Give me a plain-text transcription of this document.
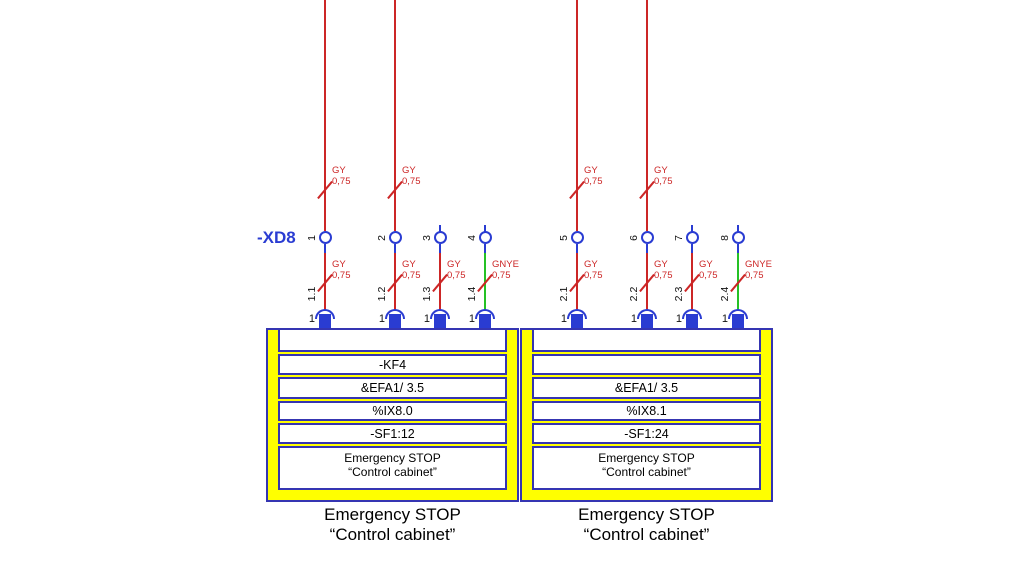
-XD8
GY
0,75
1
GY
0,75
1.1
1
GY
0,75
2
GY
0,75
1.2
1
3
GY
0,75
1.3
1
4
GNYE
0,75
1.4
1
GY
0,75
5
GY
0,75
2.1
1
GY
0,75
6
GY
0,75
2.2
1
7
GY
0,75
2.3
1
8
GNYE
0,75
2.4
1
-KF4
&EFA1/ 3.5
%IX8.0
-SF1:12
Emergency STOP
“Control cabinet”
&EFA1/ 3.5
%IX8.1
-SF1:24
Emergency STOP
“Control cabinet”
Emergency STOP
“Control cabinet”
Emergency STOP
“Control cabinet”
